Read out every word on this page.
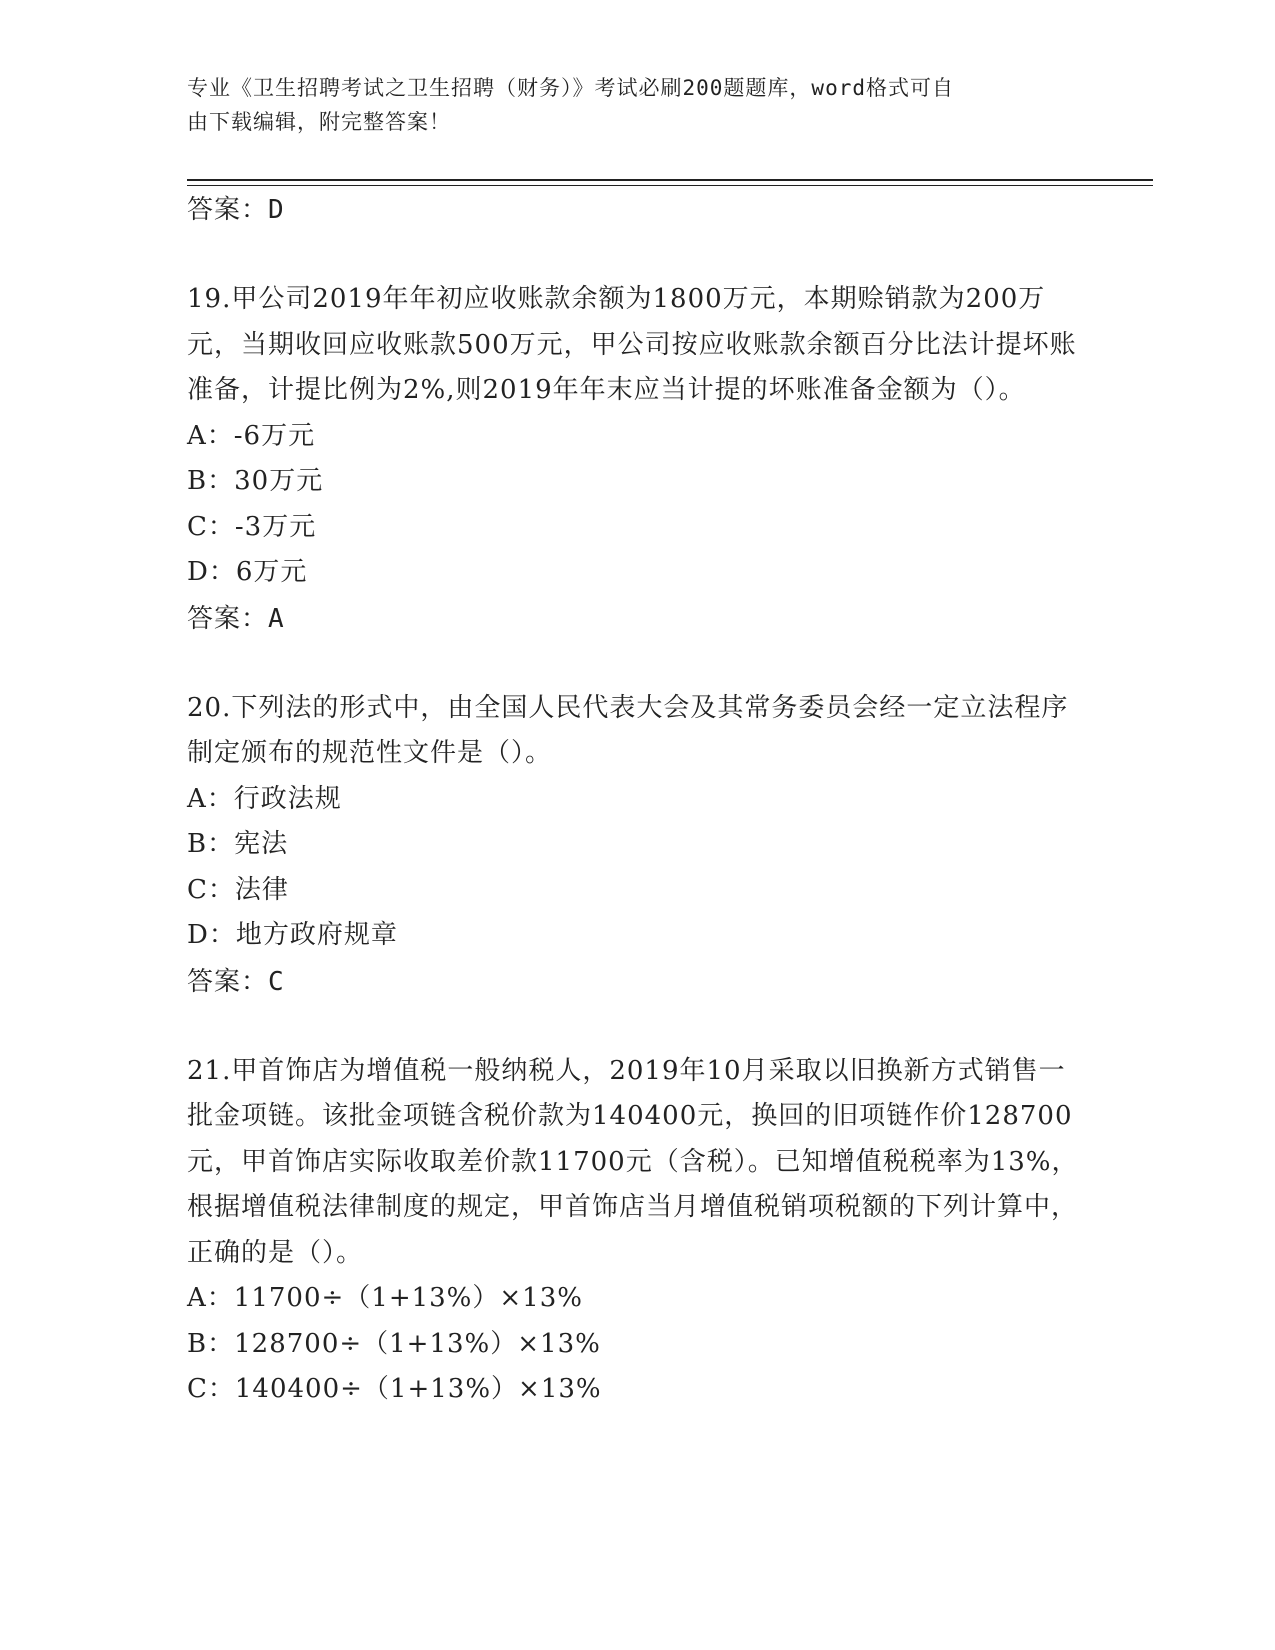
专业《卫生招聘考试之卫生招聘（财务）》考试必刷200题题库，word格式可自
由下载编辑，附完整答案！
答案：D
19.甲公司2019年年初应收账款余额为1800万元，本期赊销款为200万元，当期收回应收账款500万元，甲公司按应收账款余额百分比法计提坏账准备，计提比例为2%,则2019年年末应当计提的坏账准备金额为（）。
A：-6万元
B：30万元
C：-3万元
D：6万元
答案：A
20.下列法的形式中，由全国人民代表大会及其常务委员会经一定立法程序制定颁布的规范性文件是（）。
A：行政法规
B：宪法
C：法律
D：地方政府规章
答案：C
21.甲首饰店为增值税一般纳税人，2019年10月采取以旧换新方式销售一批金项链。该批金项链含税价款为140400元，换回的旧项链作价128700元，甲首饰店实际收取差价款11700元（含税）。已知增值税税率为13%，根据增值税法律制度的规定，甲首饰店当月增值税销项税额的下列计算中，正确的是（）。
A：11700÷（1+13%）×13%
B：128700÷（1+13%）×13%
C：140400÷（1+13%）×13%
